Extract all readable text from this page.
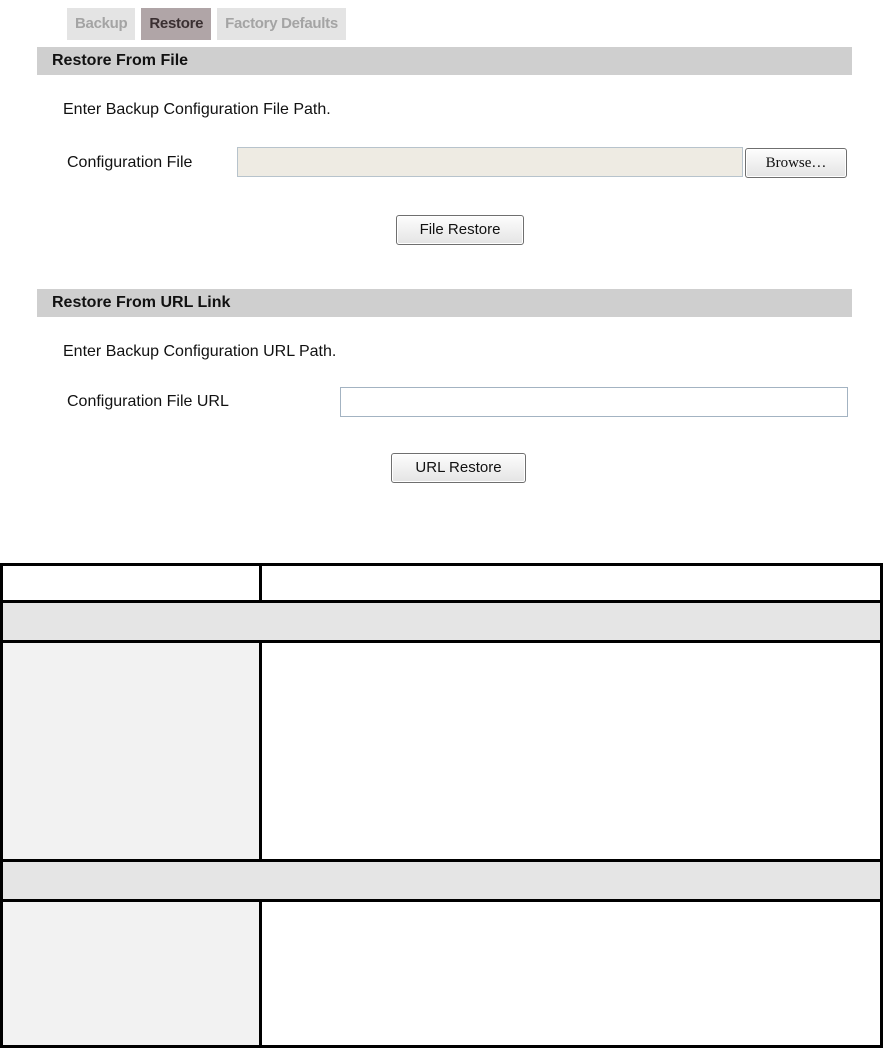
Backup	Restore	Factory Defaults
Restore From File
Enter Backup Configuration File Path.
Configuration File	Browse…
File Restore
Restore From URL Link
Enter Backup Configuration URL Path.
Configuration File URL
URL Restore
